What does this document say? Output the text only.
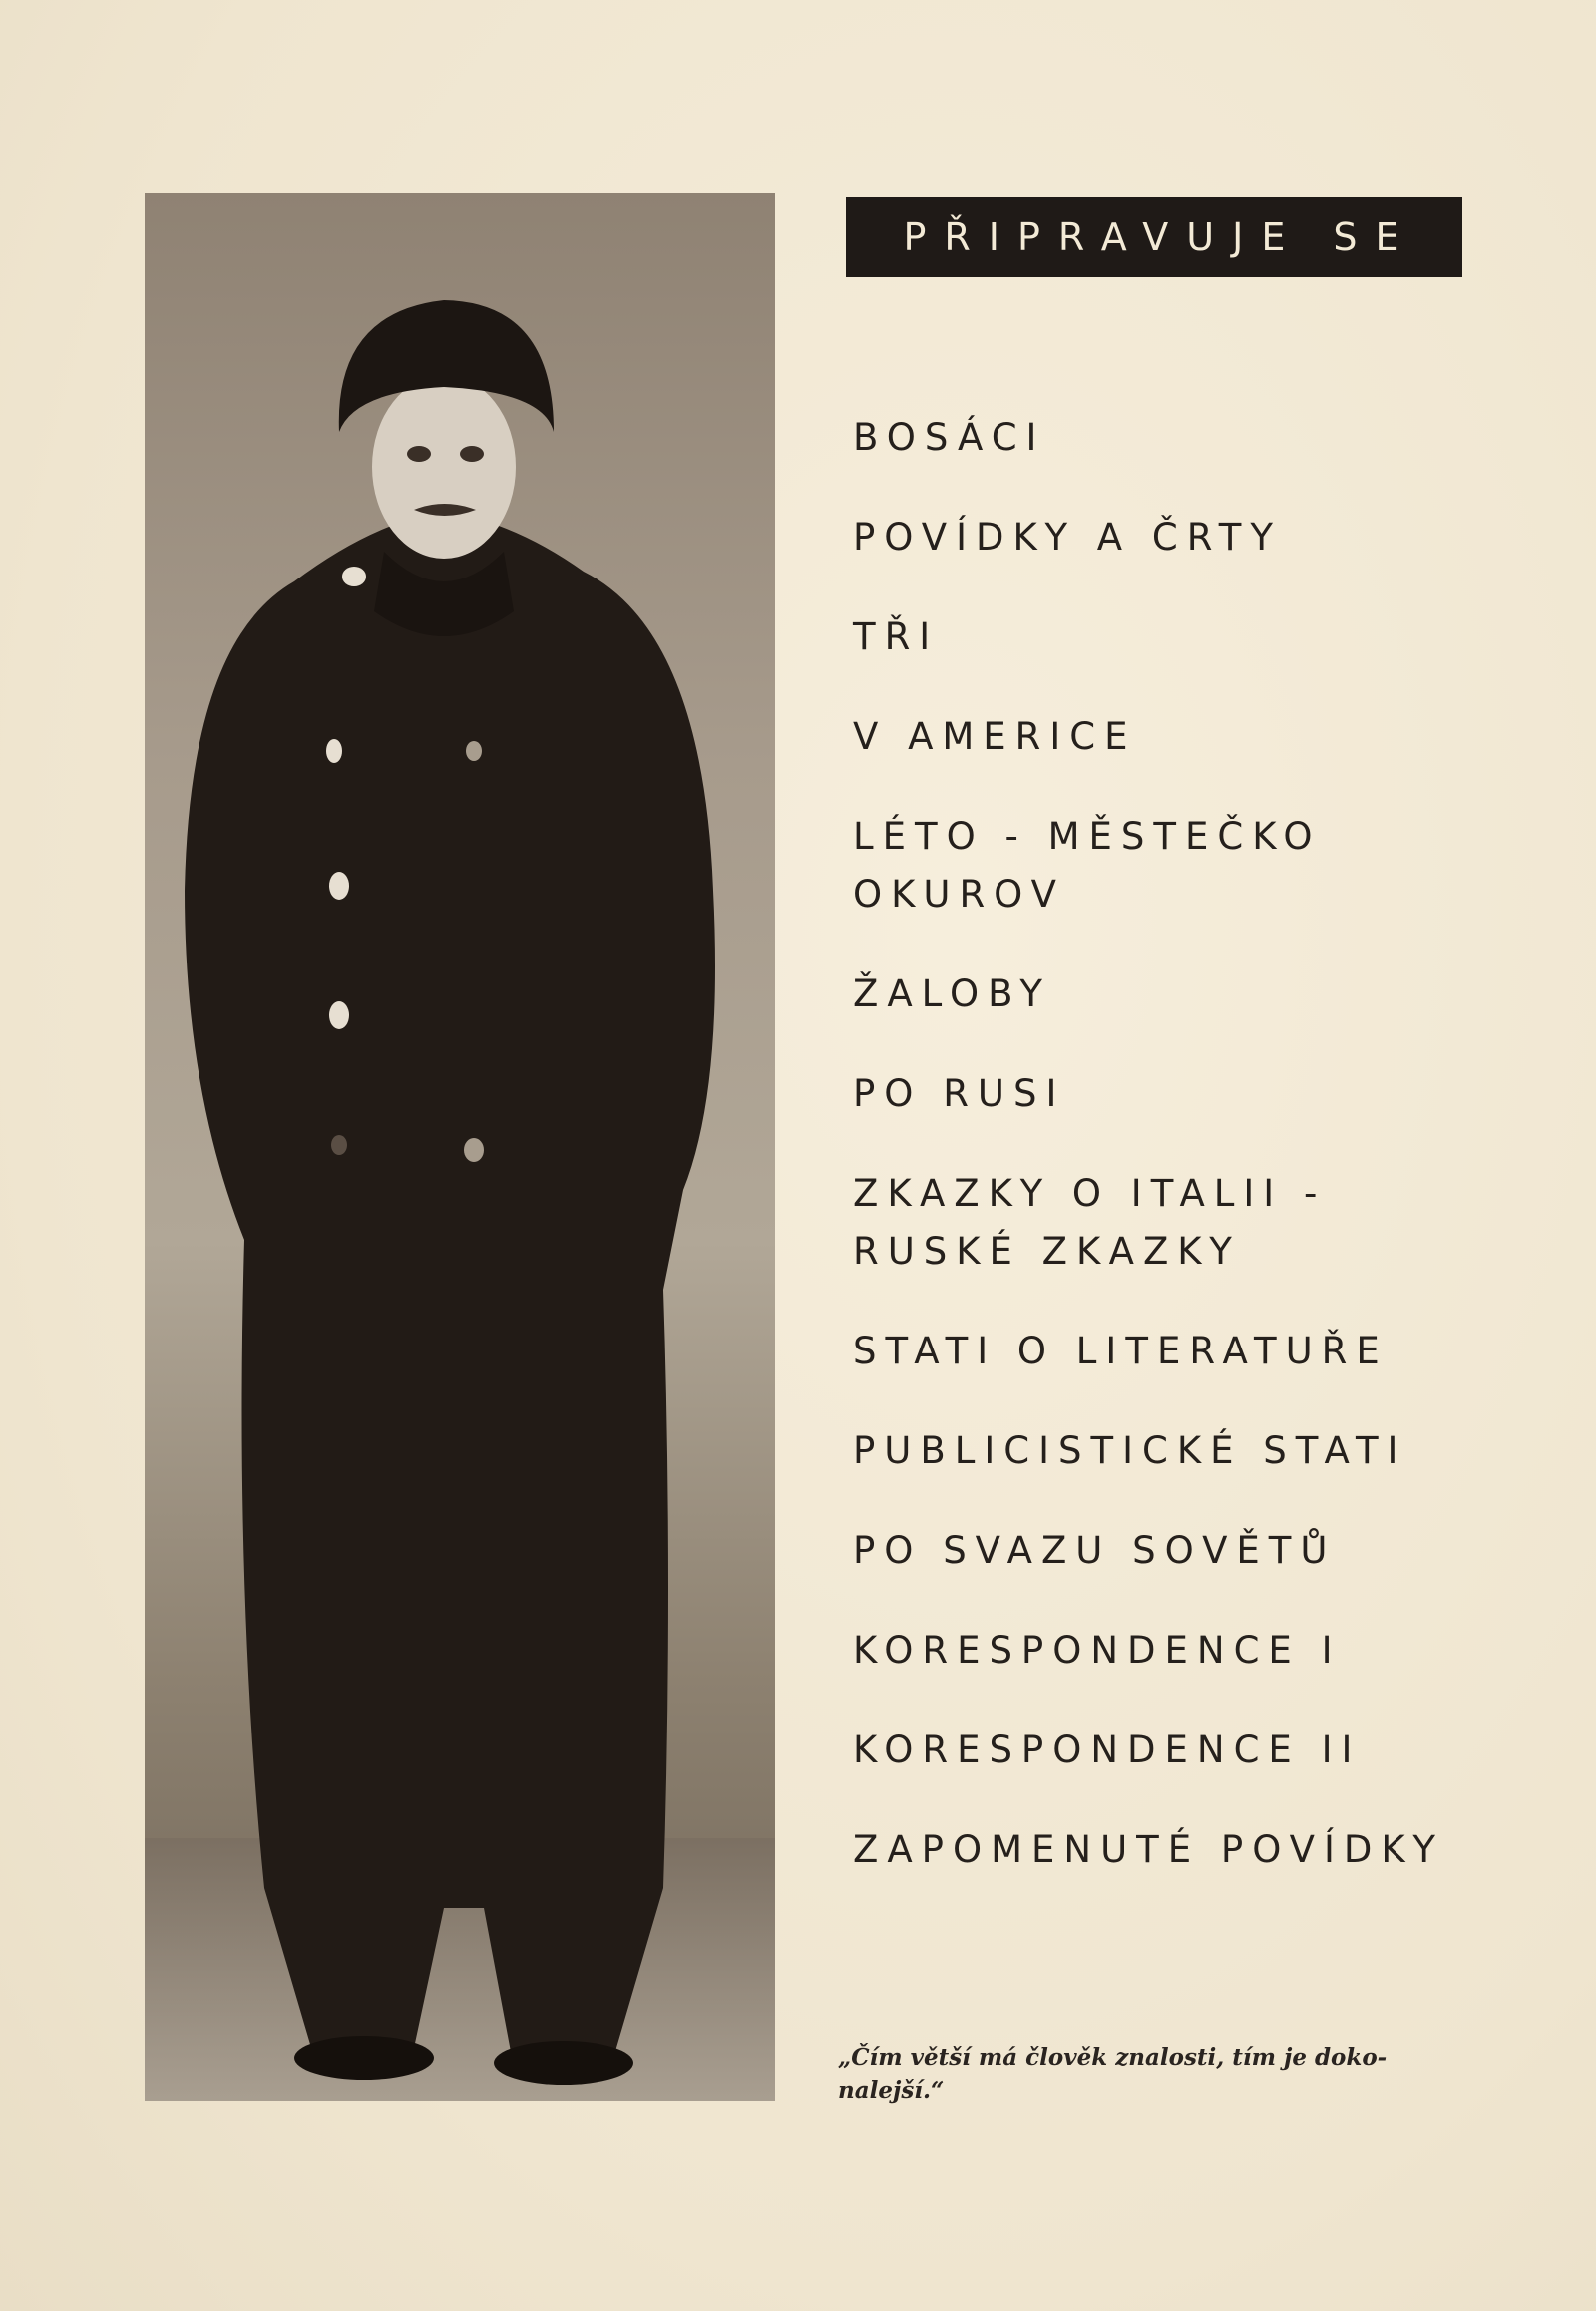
PŘIPRAVUJE SE
BOSÁCI
POVÍDKY A ČRTY
TŘI
V AMERICE
LÉTO - MĚSTEČKO
OKUROV
ŽALOBY
PO RUSI
ZKAZKY O ITALII -
RUSKÉ ZKAZKY
STATI O LITERATUŘE
PUBLICISTICKÉ STATI
PO SVAZU SOVĚTŮ
KORESPONDENCE I
KORESPONDENCE II
ZAPOMENUTÉ POVÍDKY
„Čím větší má člověk znalosti, tím je doko-
nalejší.“
